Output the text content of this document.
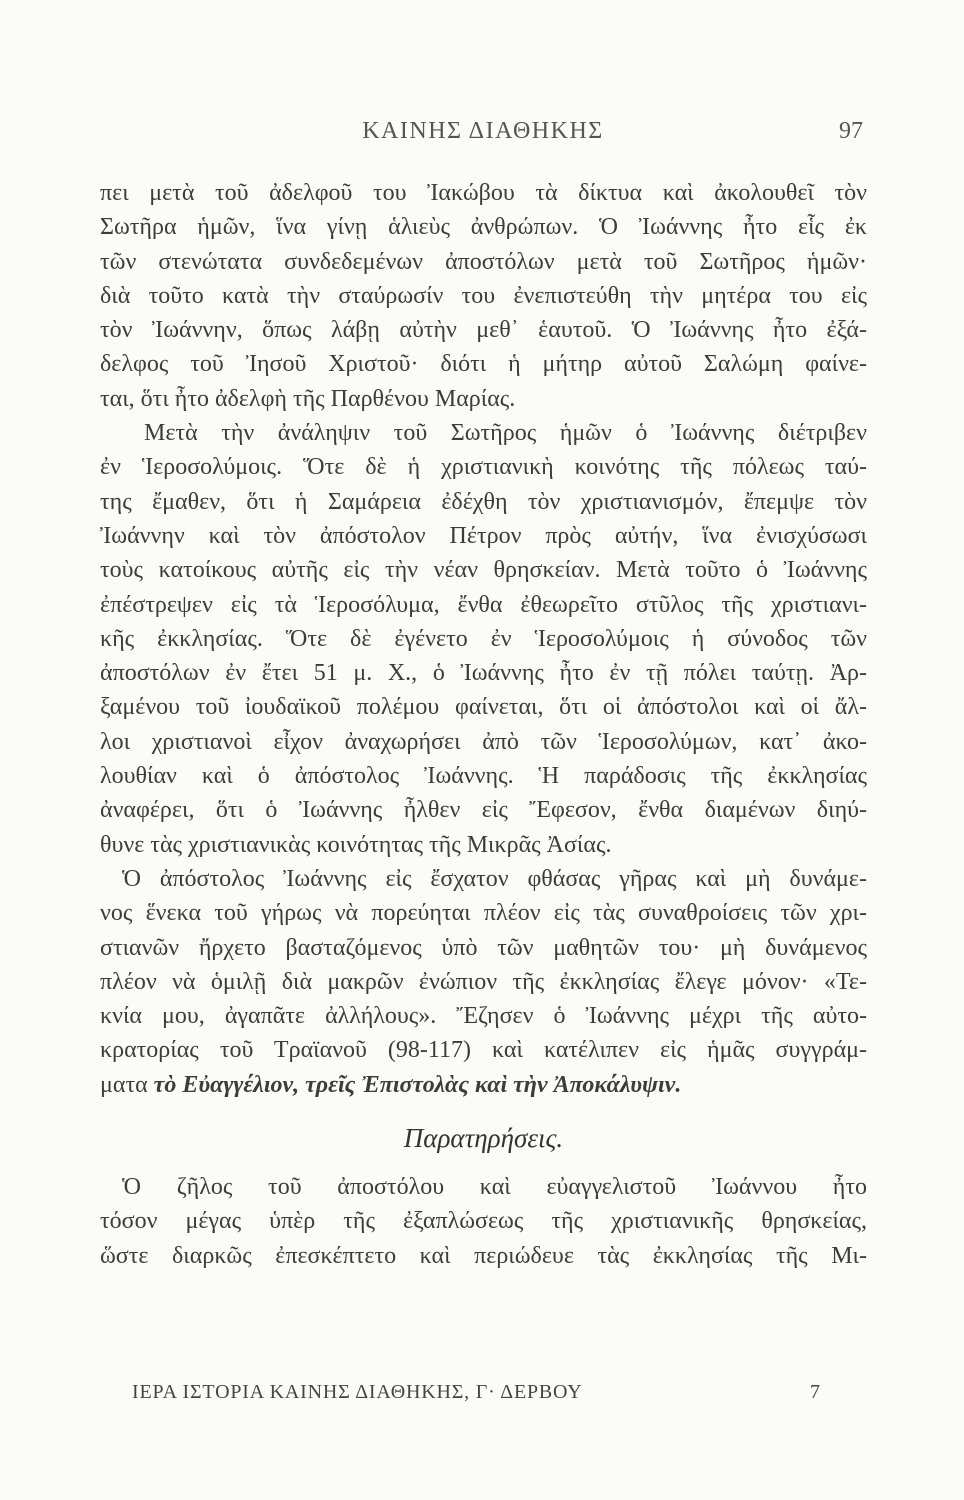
ΚΑΙΝΗΣ ΔΙΑΘΗΚΗΣ	97
πει μετὰ τοῦ ἀδελφοῦ του Ἰακώβου τὰ δίκτυα καὶ ἀκολουθεῖ τὸν
Σωτῆρα ἡμῶν, ἵνα γίνῃ ἁλιεὺς ἀνθρώπων. Ὁ Ἰωάννης ἦτο εἷς ἐκ
τῶν στενώτατα συνδεδεμένων ἀποστόλων μετὰ τοῦ Σωτῆρος ἡμῶν·
διὰ τοῦτο κατὰ τὴν σταύρωσίν του ἐνεπιστεύθη τὴν μητέρα του εἰς
τὸν Ἰωάννην, ὅπως λάβῃ αὐτὴν μεθ᾽ ἑαυτοῦ. Ὁ Ἰωάννης ἦτο ἐξά-
δελφος τοῦ Ἰησοῦ Χριστοῦ· διότι ἡ μήτηρ αὐτοῦ Σαλώμη φαίνε-
ται, ὅτι ἦτο ἀδελφὴ τῆς Παρθένου Μαρίας.
Μετὰ τὴν ἀνάληψιν τοῦ Σωτῆρος ἡμῶν ὁ Ἰωάννης διέτριβεν
ἐν Ἱεροσολύμοις. Ὅτε δὲ ἡ χριστιανικὴ κοινότης τῆς πόλεως ταύ-
της ἔμαθεν, ὅτι ἡ Σαμάρεια ἐδέχθη τὸν χριστιανισμόν, ἔπεμψε τὸν
Ἰωάννην καὶ τὸν ἀπόστολον Πέτρον πρὸς αὐτήν, ἵνα ἐνισχύσωσι
τοὺς κατοίκους αὐτῆς εἰς τὴν νέαν θρησκείαν. Μετὰ τοῦτο ὁ Ἰωάννης
ἐπέστρεψεν εἰς τὰ Ἱεροσόλυμα, ἔνθα ἐθεωρεῖτο στῦλος τῆς χριστιανι-
κῆς ἐκκλησίας. Ὅτε δὲ ἐγένετο ἐν Ἱεροσολύμοις ἡ σύνοδος τῶν
ἀποστόλων ἐν ἔτει 51 μ. Χ., ὁ Ἰωάννης ἦτο ἐν τῇ πόλει ταύτῃ. Ἀρ-
ξαμένου τοῦ ἰουδαϊκοῦ πολέμου φαίνεται, ὅτι οἱ ἀπόστολοι καὶ οἱ ἄλ-
λοι χριστιανοὶ εἶχον ἀναχωρήσει ἀπὸ τῶν Ἱεροσολύμων, κατ᾽ ἀκο-
λουθίαν καὶ ὁ ἀπόστολος Ἰωάννης. Ἡ παράδοσις τῆς ἐκκλησίας
ἀναφέρει, ὅτι ὁ Ἰωάννης ἦλθεν εἰς Ἔφεσον, ἔνθα διαμένων διηύ-
θυνε τὰς χριστιανικὰς κοινότητας τῆς Μικρᾶς Ἀσίας.
Ὁ ἀπόστολος Ἰωάννης εἰς ἔσχατον φθάσας γῆρας καὶ μὴ δυνάμε-
νος ἕνεκα τοῦ γήρως νὰ πορεύηται πλέον εἰς τὰς συναθροίσεις τῶν χρι-
στιανῶν ἤρχετο βασταζόμενος ὑπὸ τῶν μαθητῶν του· μὴ δυνάμενος
πλέον νὰ ὁμιλῇ διὰ μακρῶν ἐνώπιον τῆς ἐκκλησίας ἔλεγε μόνον· «Τε-
κνία μου, ἀγαπᾶτε ἀλλήλους». Ἔζησεν ὁ Ἰωάννης μέχρι τῆς αὐτο-
κρατορίας τοῦ Τραϊανοῦ (98-117) καὶ κατέλιπεν εἰς ἡμᾶς συγγράμ-
ματα τὸ Εὐαγγέλιον, τρεῖς Ἐπιστολὰς καὶ τὴν Ἀποκάλυψιν.
Παρατηρήσεις.
Ὁ ζῆλος τοῦ ἀποστόλου καὶ εὐαγγελιστοῦ Ἰωάννου ἦτο
τόσον μέγας ὑπὲρ τῆς ἐξαπλώσεως τῆς χριστιανικῆς θρησκείας,
ὥστε διαρκῶς ἐπεσκέπτετο καὶ περιώδευε τὰς ἐκκλησίας τῆς Μι-
ΙΕΡΑ ΙΣΤΟΡΙΑ ΚΑΙΝΗΣ ΔΙΑΘΗΚΗΣ, Γ· ΔΕΡΒΟΥ	7
